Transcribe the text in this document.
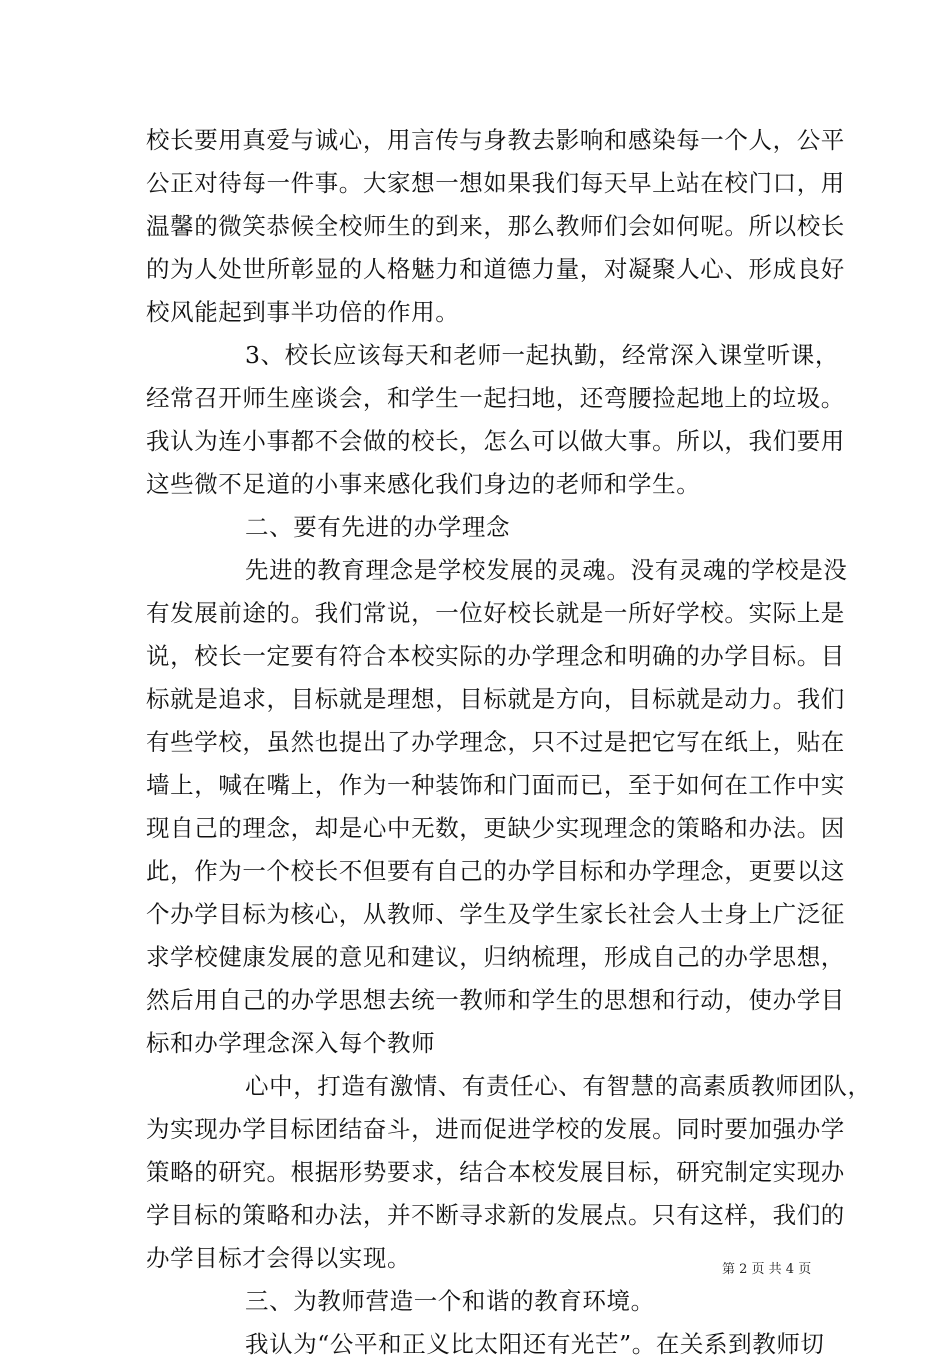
校长要用真爱与诚心，用言传与身教去影响和感染每一个人，公平
公正对待每一件事。大家想一想如果我们每天早上站在校门口，用
温馨的微笑恭候全校师生的到来，那么教师们会如何呢。所以校长
的为人处世所彰显的人格魅力和道德力量，对凝聚人心、形成良好
校风能起到事半功倍的作用。
3、校长应该每天和老师一起执勤，经常深入课堂听课，
经常召开师生座谈会，和学生一起扫地，还弯腰捡起地上的垃圾。
我认为连小事都不会做的校长，怎么可以做大事。所以，我们要用
这些微不足道的小事来感化我们身边的老师和学生。
二、要有先进的办学理念
先进的教育理念是学校发展的灵魂。没有灵魂的学校是没
有发展前途的。我们常说，一位好校长就是一所好学校。实际上是
说，校长一定要有符合本校实际的办学理念和明确的办学目标。目
标就是追求，目标就是理想，目标就是方向，目标就是动力。我们
有些学校，虽然也提出了办学理念，只不过是把它写在纸上，贴在
墙上，喊在嘴上，作为一种装饰和门面而已，至于如何在工作中实
现自己的理念，却是心中无数，更缺少实现理念的策略和办法。因
此，作为一个校长不但要有自己的办学目标和办学理念，更要以这
个办学目标为核心，从教师、学生及学生家长社会人士身上广泛征
求学校健康发展的意见和建议，归纳梳理，形成自己的办学思想，
然后用自己的办学思想去统一教师和学生的思想和行动，使办学目
标和办学理念深入每个教师
心中，打造有激情、有责任心、有智慧的高素质教师团队，
为实现办学目标团结奋斗，进而促进学校的发展。同时要加强办学
策略的研究。根据形势要求，结合本校发展目标，研究制定实现办
学目标的策略和办法，并不断寻求新的发展点。只有这样，我们的
办学目标才会得以实现。
三、为教师营造一个和谐的教育环境。
我认为“公平和正义比太阳还有光芒”。在关系到教师切
第 2 页 共 4 页
